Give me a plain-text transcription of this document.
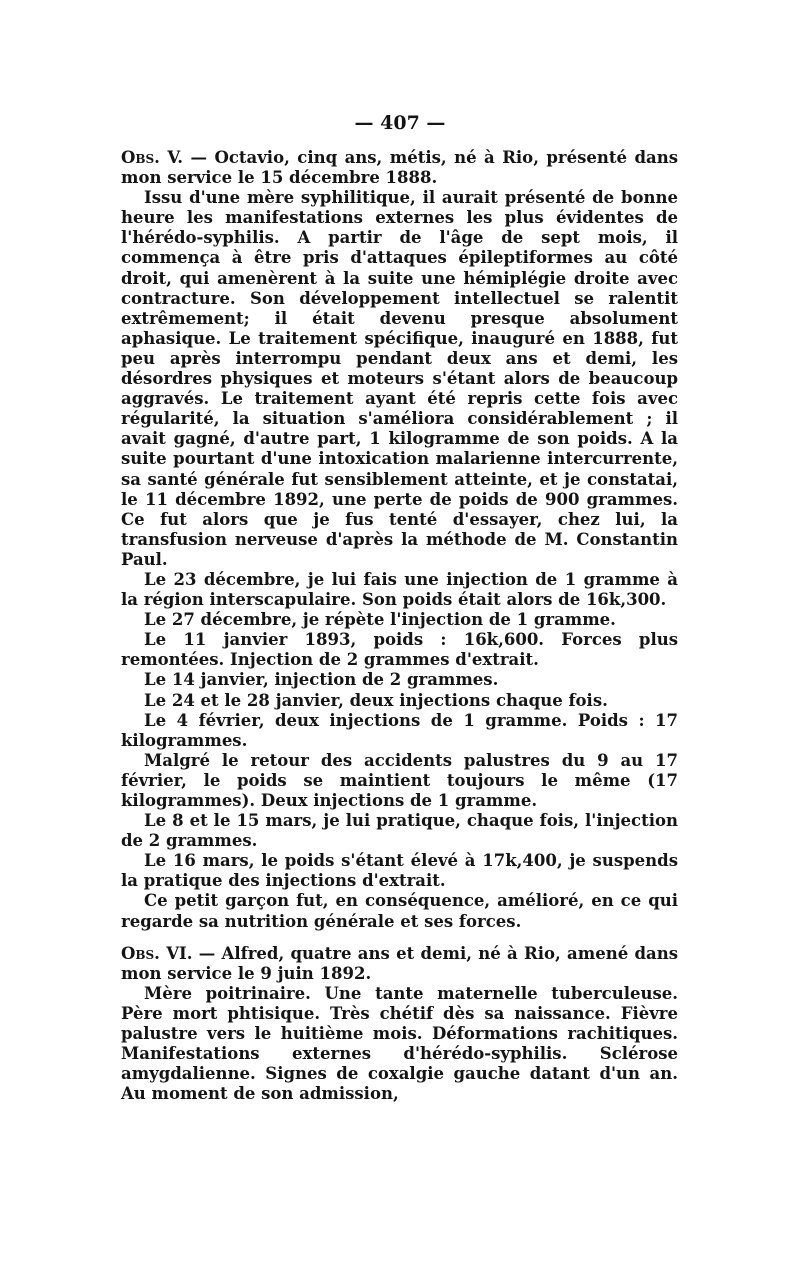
— 407 —

Obs. V. — Octavio, cinq ans, métis, né à Rio, présenté dans mon service le 15 décembre 1888.

Issu d'une mère syphilitique, il aurait présenté de bonne heure les manifestations externes les plus évidentes de l'hérédo-syphilis. A partir de l'âge de sept mois, il commença à être pris d'attaques épileptiformes au côté droit, qui amenèrent à la suite une hémiplégie droite avec contracture. Son développement intellectuel se ralentit extrêmement; il était devenu presque absolument aphasique. Le traitement spécifique, inauguré en 1888, fut peu après interrompu pendant deux ans et demi, les désordres physiques et moteurs s'étant alors de beaucoup aggravés. Le traitement ayant été repris cette fois avec régularité, la situation s'améliora considérablement ; il avait gagné, d'autre part, 1 kilogramme de son poids. A la suite pourtant d'une intoxication malarienne intercurrente, sa santé générale fut sensiblement atteinte, et je constatai, le 11 décembre 1892, une perte de poids de 900 grammes. Ce fut alors que je fus tenté d'essayer, chez lui, la transfusion nerveuse d'après la méthode de M. Constantin Paul.

Le 23 décembre, je lui fais une injection de 1 gramme à la région interscapulaire. Son poids était alors de 16k,300.

Le 27 décembre, je répète l'injection de 1 gramme.

Le 11 janvier 1893, poids : 16k,600. Forces plus remontées. Injection de 2 grammes d'extrait.

Le 14 janvier, injection de 2 grammes.

Le 24 et le 28 janvier, deux injections chaque fois.

Le 4 février, deux injections de 1 gramme. Poids : 17 kilogrammes.

Malgré le retour des accidents palustres du 9 au 17 février, le poids se maintient toujours le même (17 kilogrammes). Deux injections de 1 gramme.

Le 8 et le 15 mars, je lui pratique, chaque fois, l'injection de 2 grammes.

Le 16 mars, le poids s'étant élevé à 17k,400, je suspends la pratique des injections d'extrait.

Ce petit garçon fut, en conséquence, amélioré, en ce qui regarde sa nutrition générale et ses forces.

Obs. VI. — Alfred, quatre ans et demi, né à Rio, amené dans mon service le 9 juin 1892.

Mère poitrinaire. Une tante maternelle tuberculeuse. Père mort phtisique. Très chétif dès sa naissance. Fièvre palustre vers le huitième mois. Déformations rachitiques. Manifestations externes d'hérédo-syphilis. Sclérose amygdalienne. Signes de coxalgie gauche datant d'un an. Au moment de son admission,
